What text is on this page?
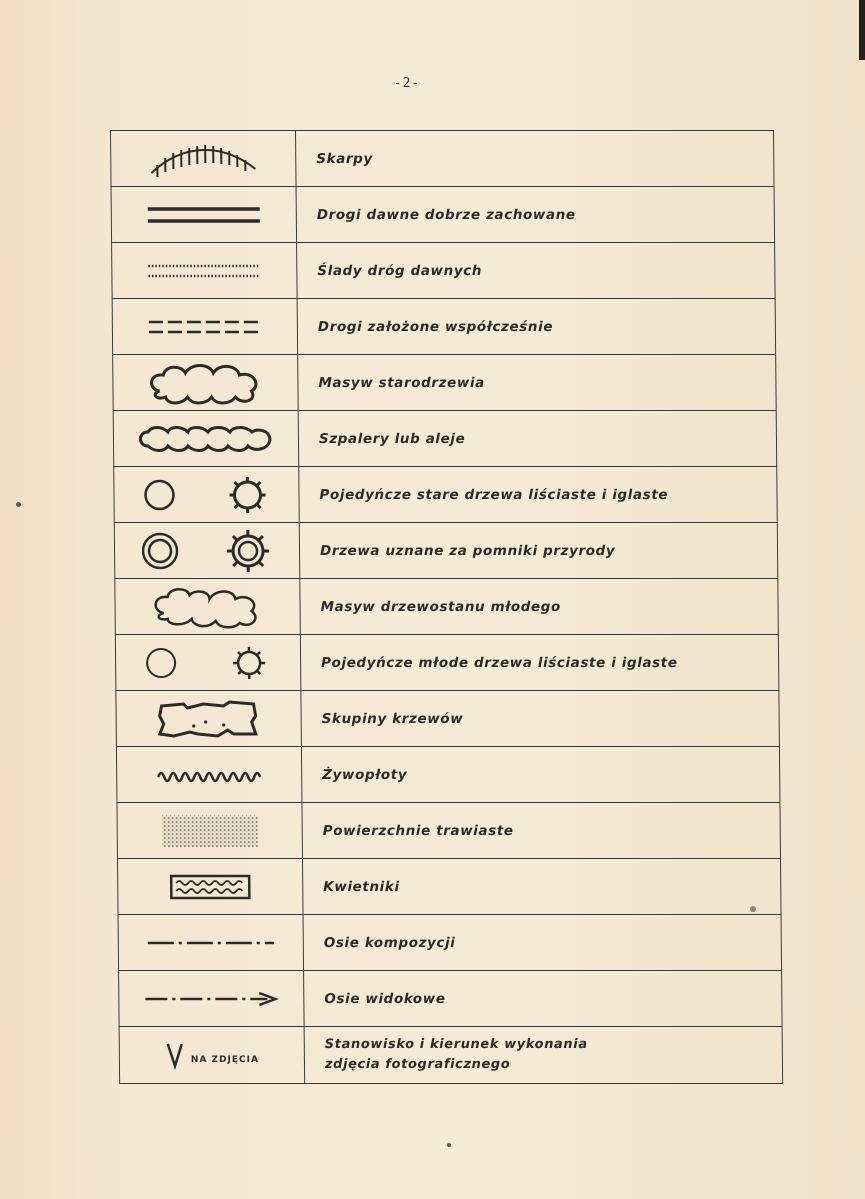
-2-
Skarpy
Drogi dawne dobrze zachowane
Ślady dróg dawnych
Drogi założone współcześnie
Masyw starodrzewia
Szpalery lub aleje
Pojedyńcze stare drzewa liściaste i iglaste
Drzewa uznane za pomniki przyrody
Masyw drzewostanu młodego
Pojedyńcze młode drzewa liściaste i iglaste
Skupiny krzewów
Żywopłoty
Powierzchnie trawiaste
Kwietniki
Osie kompozycji
Osie widokowe
NA ZDJĘCIA
Stanowisko i kierunek wykonania
zdjęcia fotograficznego
